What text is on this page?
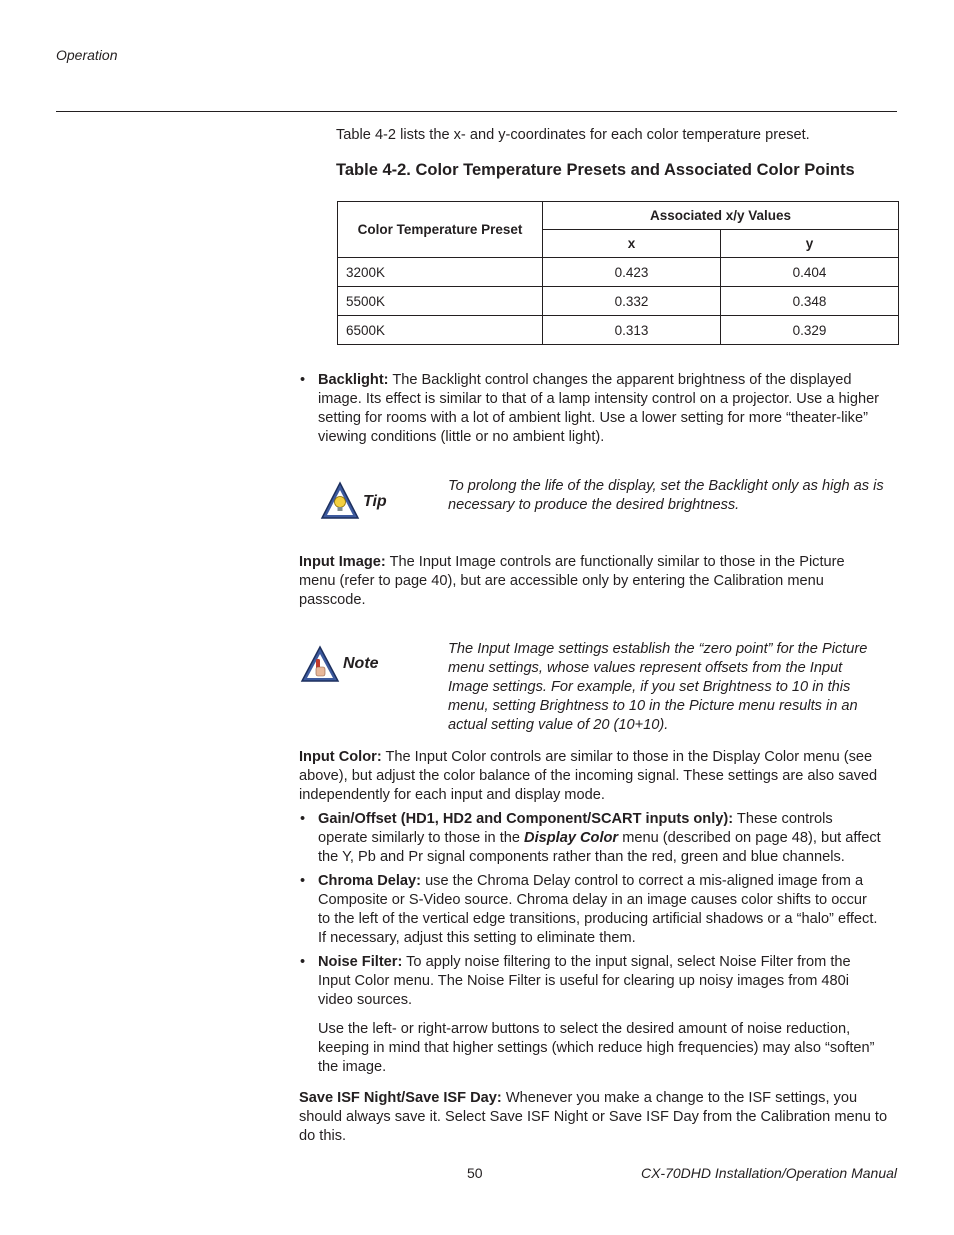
Operation
Table 4-2 lists the x- and y-coordinates for each color temperature preset.
Table 4-2. Color Temperature Presets and Associated Color Points
Color Temperature Preset	Associated x/y Values	
	x	y
3200K	0.423	0.404
5500K	0.332	0.348
6500K	0.313	0.329
• Backlight: The Backlight control changes the apparent brightness of the displayed
image. Its effect is similar to that of a lamp intensity control on a projector. Use a higher
setting for rooms with a lot of ambient light. Use a lower setting for more “theater-like”
viewing conditions (little or no ambient light).
Tip
To prolong the life of the display, set the Backlight only as high as is
necessary to produce the desired brightness.
Input Image: The Input Image controls are functionally similar to those in the Picture
menu (refer to page 40), but are accessible only by entering the Calibration menu
passcode.
Note
The Input Image settings establish the “zero point” for the Picture
menu settings, whose values represent offsets from the Input
Image settings. For example, if you set Brightness to 10 in this
menu, setting Brightness to 10 in the Picture menu results in an
actual setting value of 20 (10+10).
Input Color: The Input Color controls are similar to those in the Display Color menu (see
above), but adjust the color balance of the incoming signal. These settings are also saved
independently for each input and display mode.
• Gain/Offset (HD1, HD2 and Component/SCART inputs only): These controls
operate similarly to those in the Display Color menu (described on page 48), but affect
the Y, Pb and Pr signal components rather than the red, green and blue channels.
• Chroma Delay: use the Chroma Delay control to correct a mis-aligned image from a
Composite or S-Video source. Chroma delay in an image causes color shifts to occur
to the left of the vertical edge transitions, producing artificial shadows or a “halo” effect.
If necessary, adjust this setting to eliminate them.
• Noise Filter: To apply noise filtering to the input signal, select Noise Filter from the
Input Color menu. The Noise Filter is useful for clearing up noisy images from 480i
video sources.
Use the left- or right-arrow buttons to select the desired amount of noise reduction,
keeping in mind that higher settings (which reduce high frequencies) may also “soften”
the image.
Save ISF Night/Save ISF Day: Whenever you make a change to the ISF settings, you
should always save it. Select Save ISF Night or Save ISF Day from the Calibration menu to
do this.
50	CX-70DHD Installation/Operation Manual
